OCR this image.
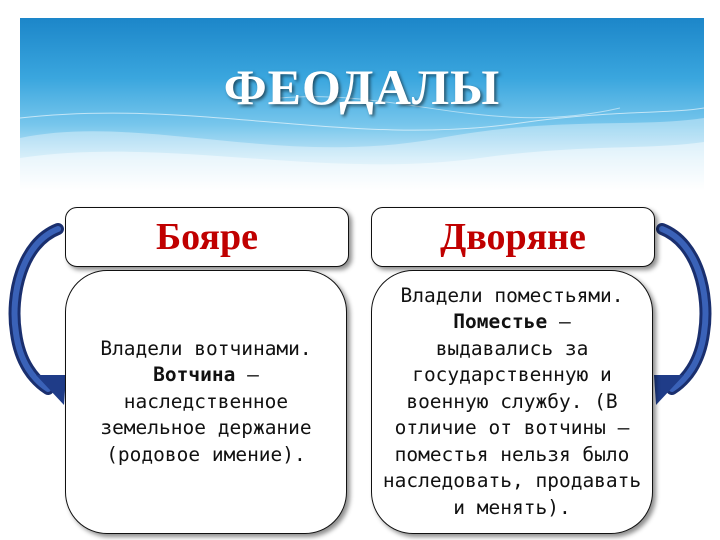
ФЕОДАЛЫ
Бояре	Дворяне
Владели вотчинами.
Вотчина –
наследственное
земельное держание
(родовое имение).
Владели поместьями.
Поместье –
выдавались за
государственную и
военную службу. (В
отличие от вотчины –
поместья нельзя было
наследовать, продавать
и менять).
